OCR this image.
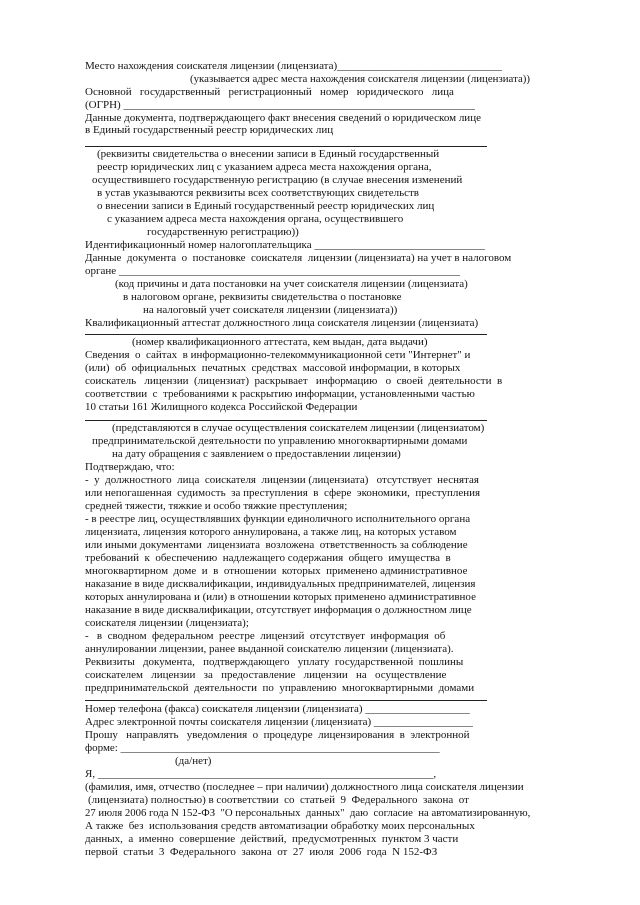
Место нахождения соискателя лицензии (лицензиата)______________________________

(указывается адрес места нахождения соискателя лицензии (лицензиата))

Основной   государственный   регистрационный   номер   юридического   лица

(ОГРН) ________________________________________________________________

Данные документа, подтверждающего факт внесения сведений о юридическом лице

в Единый государственный реестр юридических лиц

(реквизиты свидетельства о внесении записи в Единый государственный

реестр юридических лиц с указанием адреса места нахождения органа,

осуществившего государственную регистрацию (в случае внесения изменений

в устав указываются реквизиты всех соответствующих свидетельств

о внесении записи в Единый государственный реестр юридических лиц

с указанием адреса места нахождения органа, осуществившего

государственную регистрацию))

Идентификационный номер налогоплательщика _______________________________

Данные  документа  о  постановке  соискателя  лицензии (лицензиата) на учет в налоговом

органе ______________________________________________________________

(код причины и дата постановки на учет соискателя лицензии (лицензиата)

в налоговом органе, реквизиты свидетельства о постановке

на налоговый учет соискателя лицензии (лицензиата))

Квалификационный аттестат должностного лица соискателя лицензии (лицензиата)

(номер квалификационного аттестата, кем выдан, дата выдачи)

Сведения  о  сайтах  в информационно-телекоммуникационной сети "Интернет" и

(или)  об  официальных  печатных  средствах  массовой информации, в которых

соискатель   лицензии  (лицензиат)  раскрывает   информацию   о  своей  деятельности  в

соответствии  с  требованиями к раскрытию информации, установленными частью

10 статьи 161 Жилищного кодекса Российской Федерации

(представляются в случае осуществления соискателем лицензии (лицензиатом)

предпринимательской деятельности по управлению многоквартирными домами

на дату обращения с заявлением о предоставлении лицензии)

Подтверждаю, что:

-  у  должностного  лица  соискателя  лицензии (лицензиата)   отсутствует  неснятая

или непогашенная  судимость  за преступления  в  сфере  экономики,  преступления

средней тяжести, тяжкие и особо тяжкие преступления;

- в реестре лиц, осуществлявших функции единоличного исполнительного органа

лицензиата, лицензия которого аннулирована, а также лиц, на которых уставом

или иными документами  лицензиата  возложена  ответственность за соблюдение

требований  к  обеспечению  надлежащего содержания  общего  имущества  в

многоквартирном  доме  и  в  отношении  которых  применено административное

наказание в виде дисквалификации, индивидуальных предпринимателей, лицензия

которых аннулирована и (или) в отношении которых применено административное

наказание в виде дисквалификации, отсутствует информация о должностном лице

соискателя лицензии (лицензиата);

-   в  сводном  федеральном  реестре  лицензий  отсутствует  информация  об

аннулировании лицензии, ранее выданной соискателю лицензии (лицензиата).

Реквизиты   документа,   подтверждающего   уплату  государственной  пошлины

соискателем   лицензии   за   предоставление   лицензии   на   осуществление

предпринимательской  деятельности  по  управлению  многоквартирными  домами

Номер телефона (факса) соискателя лицензии (лицензиата) ___________________

Адрес электронной почты соискателя лицензии (лицензиата) __________________

Прошу   направлять   уведомления  о  процедуре  лицензирования  в  электронной

форме: __________________________________________________________

(да/нет)

Я, _____________________________________________________________,

(фамилия, имя, отчество (последнее – при наличии) должностного лица соискателя лицензии

(лицензиата) полностью) в соответствии  со  статьей  9  Федерального  закона  от

27 июля 2006 года N 152-ФЗ  "О персональных  данных"  даю  согласие  на автоматизированную,

А также  без  использования средств автоматизации обработку моих персональных

данных,  а  именно  совершение  действий,  предусмотренных  пунктом 3 части

первой  статьи  3  Федерального  закона  от  27  июля  2006  года  N 152-ФЗ
